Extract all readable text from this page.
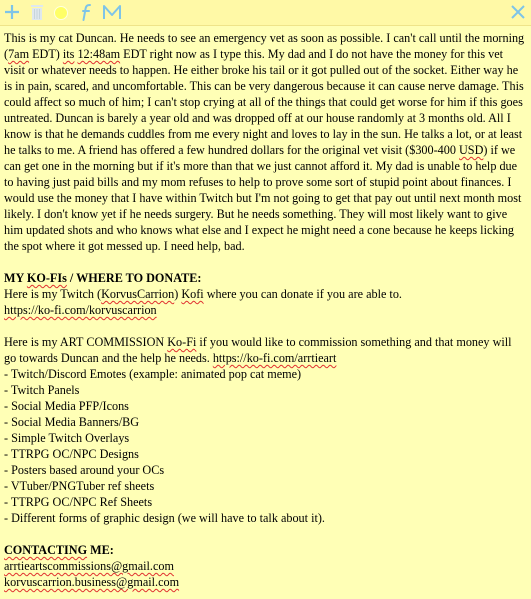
This is my cat Duncan. He needs to see an emergency vet as soon as possible. I can't call until the morning (7am EDT) its 12:48am EDT right now as I type this. My dad and I do not have the money for this vet visit or whatever needs to happen. He either broke his tail or it got pulled out of the socket. Either way he is in pain, scared, and uncomfortable. This can be very dangerous because it can cause nerve damage. This could affect so much of him; I can't stop crying at all of the things that could get worse for him if this goes untreated. Duncan is barely a year old and was dropped off at our house randomly at 3 months old. All I know is that he demands cuddles from me every night and loves to lay in the sun. He talks a lot, or at least he talks to me. A friend has offered a few hundred dollars for the original vet visit ($300-400 USD) if we can get one in the morning but if it's more than that we just cannot afford it. My dad is unable to help due to having just paid bills and my mom refuses to help to prove some sort of stupid point about finances. I would use the money that I have within Twitch but I'm not going to get that pay out until next month most likely. I don't know yet if he needs surgery. But he needs something. They will most likely want to give him updated shots and who knows what else and I expect he might need a cone because he keeps licking the spot where it got messed up. I need help, bad.

MY KO-FIs / WHERE TO DONATE:

Here is my Twitch (KorvusCarrion) Kofi where you can donate if you are able to.

https://ko-fi.com/korvuscarrion

Here is my ART COMMISSION Ko-Fi if you would like to commission something and that money will go towards Duncan and the help he needs. https://ko-fi.com/arrtieart

- Twitch/Discord Emotes (example: animated pop cat meme)

- Twitch Panels

- Social Media PFP/Icons

- Social Media Banners/BG

- Simple Twitch Overlays

- TTRPG OC/NPC Designs

- Posters based around your OCs

- VTuber/PNGTuber ref sheets

- TTRPG OC/NPC Ref Sheets

- Different forms of graphic design (we will have to talk about it).

CONTACTING ME:

arrtieartscommissions@gmail.com

korvuscarrion.business@gmail.com
